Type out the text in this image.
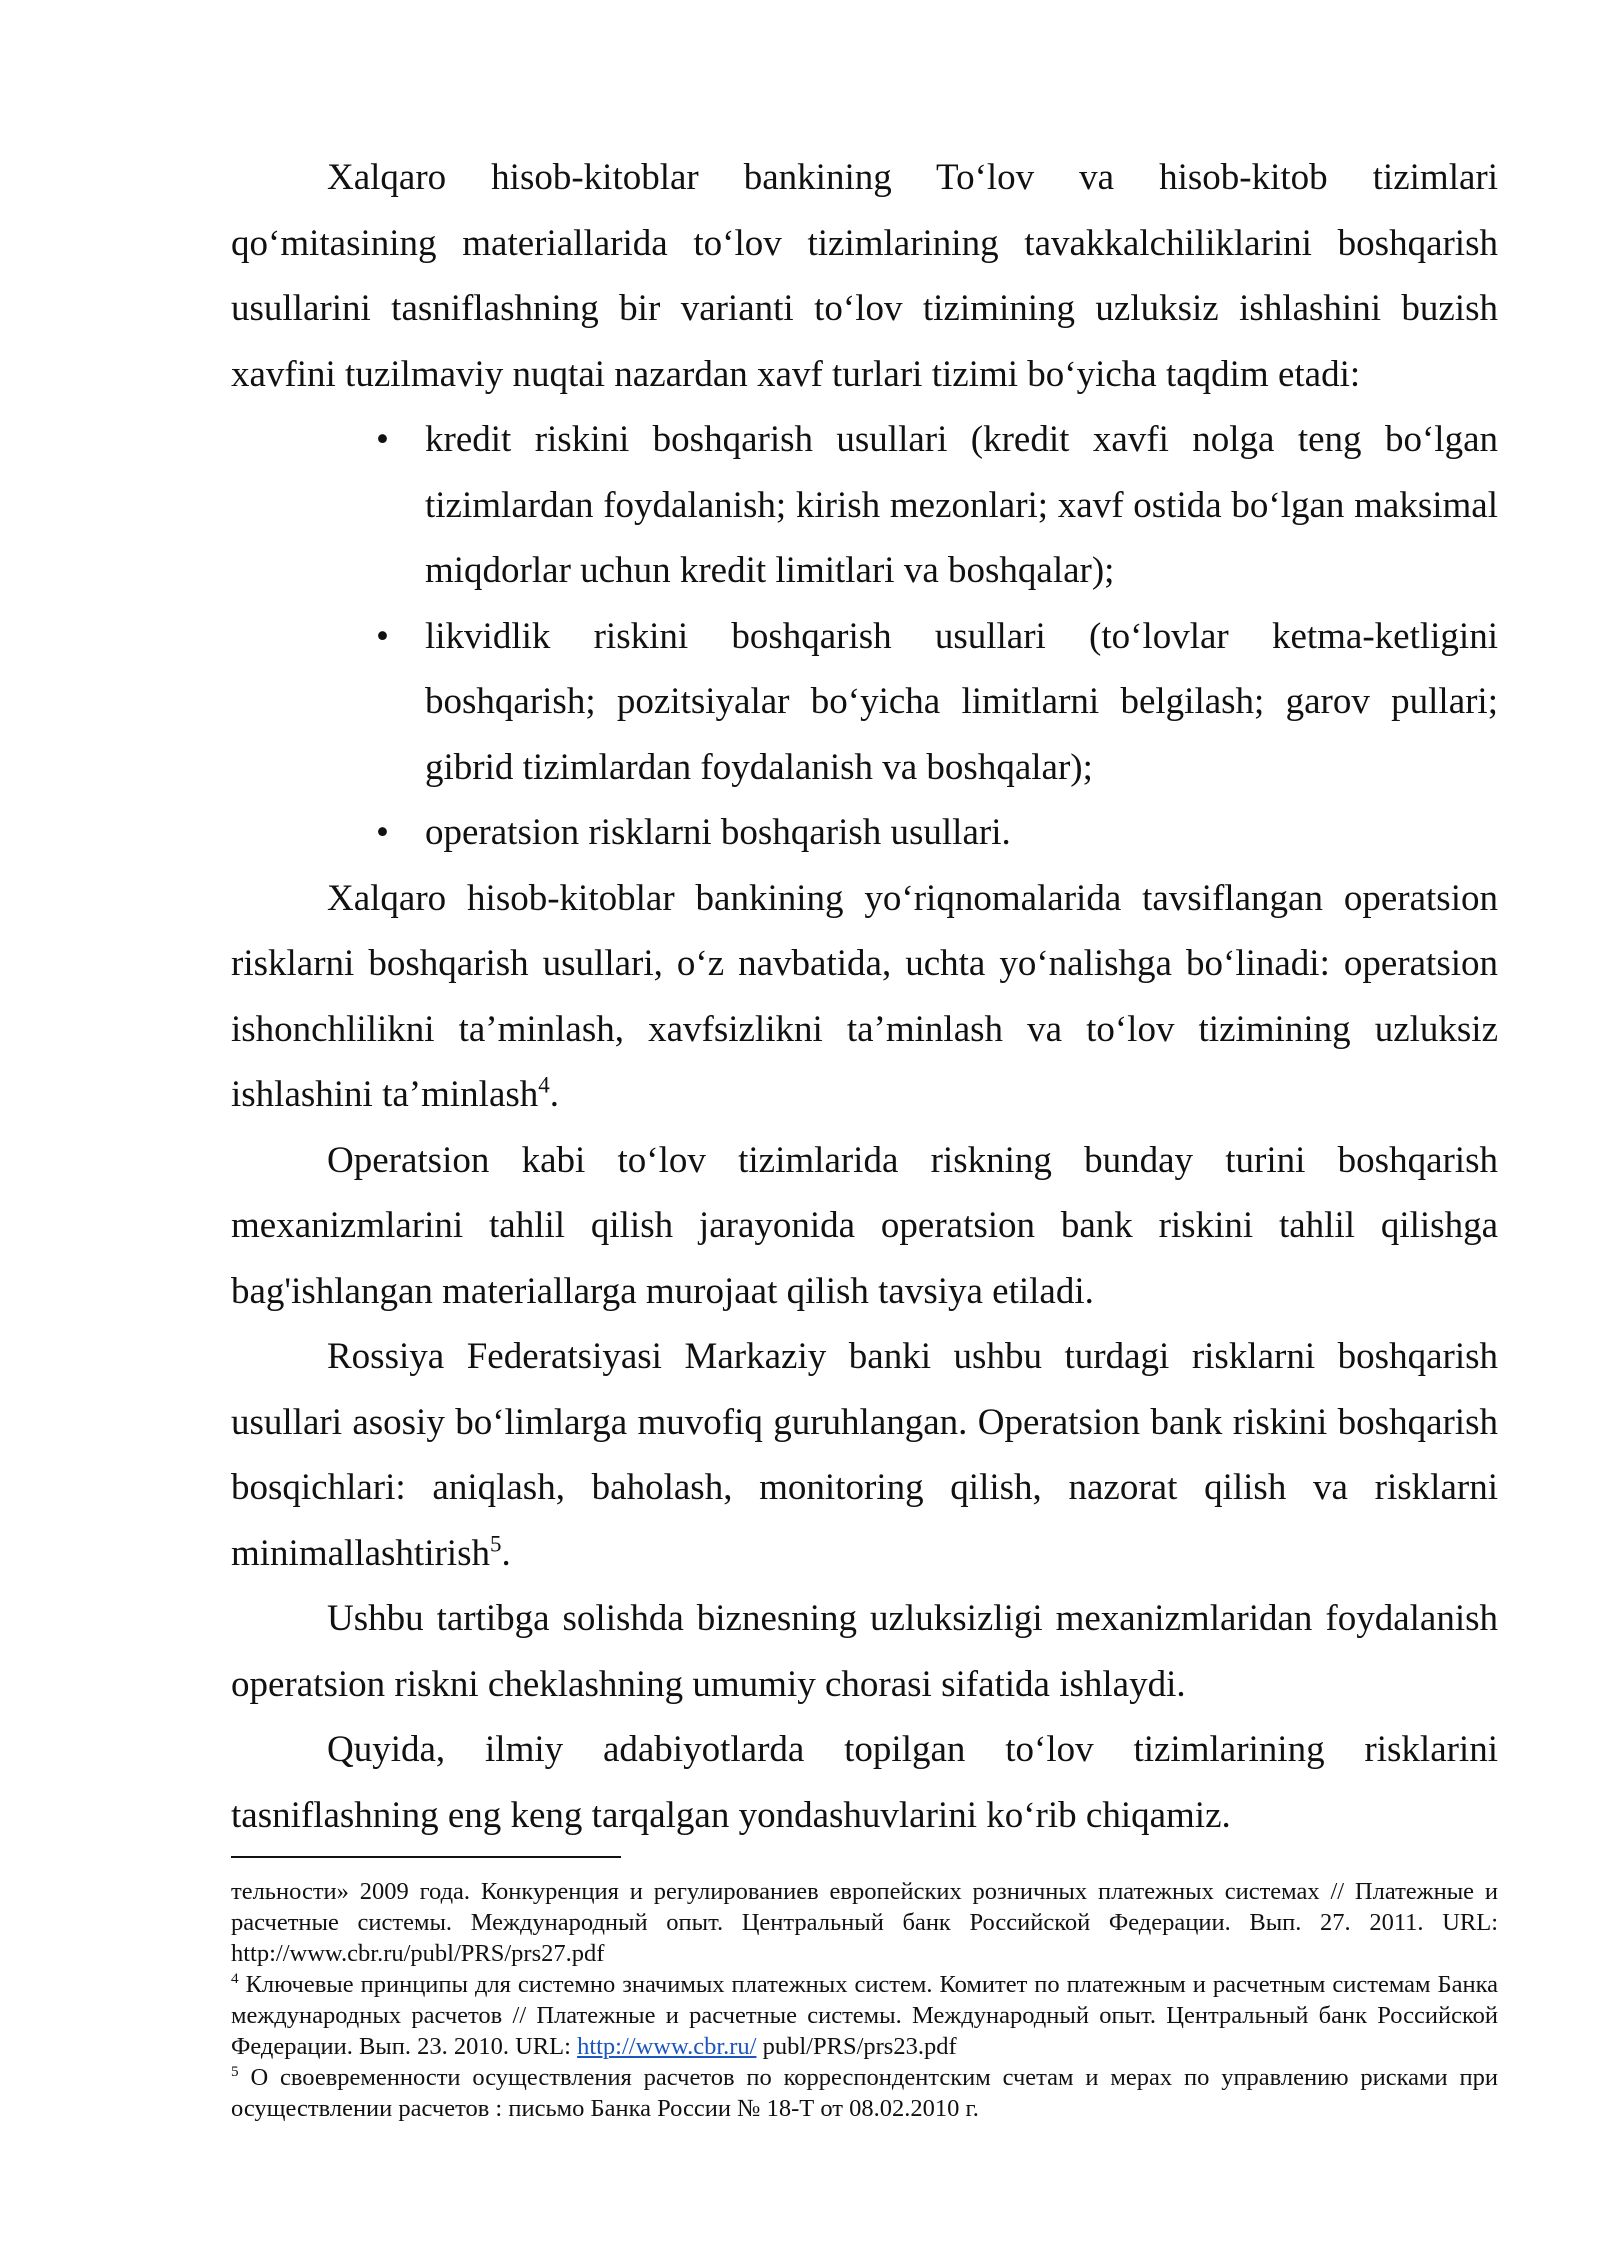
Xalqaro hisob-kitoblar bankining To‘lov va hisob-kitob tizimlari qo‘mitasining materiallarida to‘lov tizimlarining tavakkalchiliklarini boshqarish usullarini tasniflashning bir varianti to‘lov tizimining uzluksiz ishlashini buzish xavfini tuzilmaviy nuqtai nazardan xavf turlari tizimi bo‘yicha taqdim etadi:

• kredit riskini boshqarish usullari (kredit xavfi nolga teng bo‘lgan tizimlardan foydalanish; kirish mezonlari; xavf ostida bo‘lgan maksimal miqdorlar uchun kredit limitlari va boshqalar);
• likvidlik riskini boshqarish usullari (to‘lovlar ketma-ketligini boshqarish; pozitsiyalar bo‘yicha limitlarni belgilash; garov pullari; gibrid tizimlardan foydalanish va boshqalar);
• operatsion risklarni boshqarish usullari.

Xalqaro hisob-kitoblar bankining yo‘riqnomalarida tavsiflangan operatsion risklarni boshqarish usullari, o‘z navbatida, uchta yo‘nalishga bo‘linadi: operatsion ishonchlilikni ta’minlash, xavfsizlikni ta’minlash va to‘lov tizimining uzluksiz ishlashini ta’minlash$^4$.

Operatsion kabi to‘lov tizimlarida riskning bunday turini boshqarish mexanizmlarini tahlil qilish jarayonida operatsion bank riskini tahlil qilishga bag'ishlangan materiallarga murojaat qilish tavsiya etiladi.

Rossiya Federatsiyasi Markaziy banki ushbu turdagi risklarni boshqarish usullari asosiy bo‘limlarga muvofiq guruhlangan. Operatsion bank riskini boshqarish bosqichlari: aniqlash, baholash, monitoring qilish, nazorat qilish va risklarni minimallashtirish$^5$.

Ushbu tartibga solishda biznesning uzluksizligi mexanizmlaridan foydalanish operatsion riskni cheklashning umumiy chorasi sifatida ishlaydi.

Quyida, ilmiy adabiyotlarda topilgan to‘lov tizimlarining risklarini tasniflashning eng keng tarqalgan yondashuvlarini ko‘rib chiqamiz.

тельности» 2009 года. Конкуренция и регулированиев европейских розничных платежных системах // Платежные и расчетные системы. Международный опыт. Центральный банк Российской Федерации. Вып. 27. 2011. URL: http://www.cbr.ru/publ/PRS/prs27.pdf

$^4$ Ключевые принципы для системно значимых платежных систем. Комитет по платежным и расчетным системам Банка международных расчетов // Платежные и расчетные системы. Международный опыт. Центральный банк Российской Федерации. Вып. 23. 2010. URL: http://www.cbr.ru/ publ/PRS/prs23.pdf

$^5$ О своевременности осуществления расчетов по корреспондентским счетам и мерах по управлению рисками при осуществлении расчетов : письмо Банка России № 18-Т от 08.02.2010 г.
